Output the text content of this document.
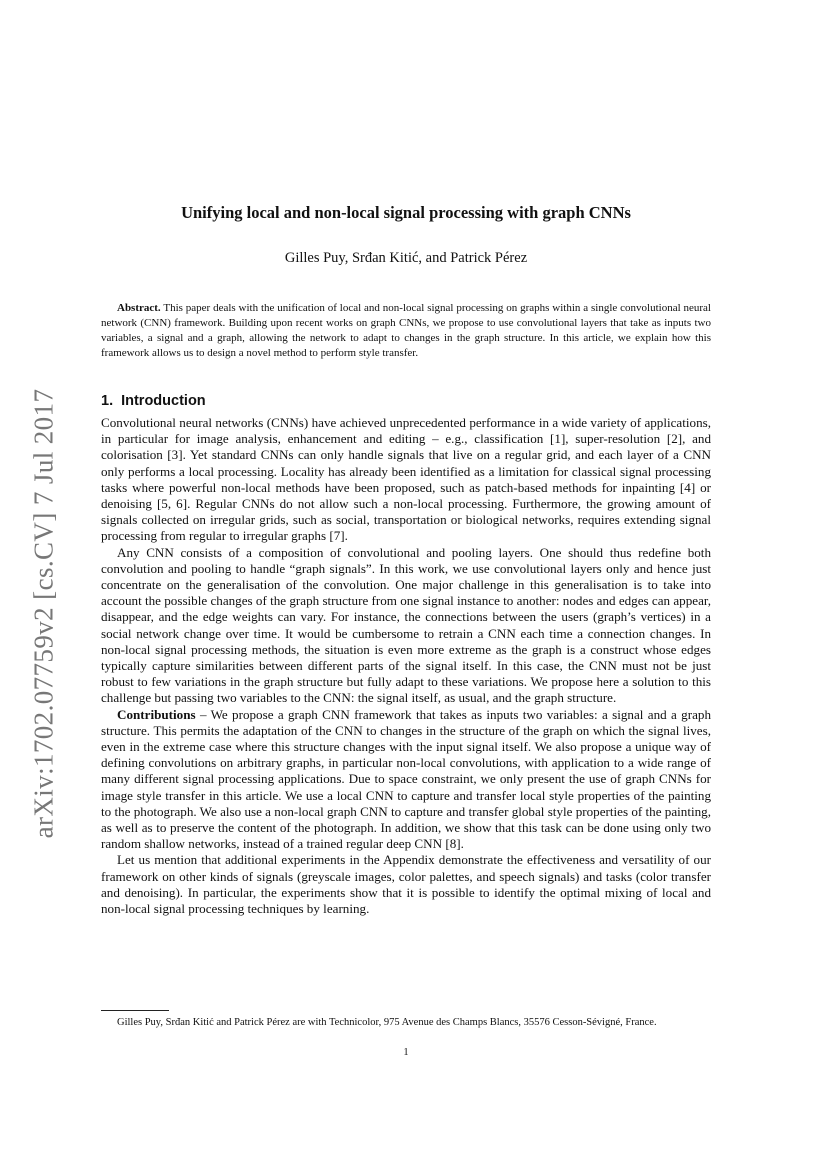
arXiv:1702.07759v2 [cs.CV] 7 Jul 2017
Unifying local and non-local signal processing with graph CNNs
Gilles Puy, Srđan Kitić, and Patrick Pérez
Abstract. This paper deals with the unification of local and non-local signal processing on graphs within a single convolutional neural network (CNN) framework. Building upon recent works on graph CNNs, we propose to use convolutional layers that take as inputs two variables, a signal and a graph, allowing the network to adapt to changes in the graph structure. In this article, we explain how this framework allows us to design a novel method to perform style transfer.
1. Introduction

Convolutional neural networks (CNNs) have achieved unprecedented performance in a wide variety of applications, in particular for image analysis, enhancement and editing – e.g., classification [1], super-resolution [2], and colorisation [3]. Yet standard CNNs can only handle signals that live on a regular grid, and each layer of a CNN only performs a local processing. Locality has already been identified as a limitation for classical signal processing tasks where powerful non-local methods have been proposed, such as patch-based methods for inpainting [4] or denoising [5, 6]. Regular CNNs do not allow such a non-local processing. Furthermore, the growing amount of signals collected on irregular grids, such as social, transportation or biological networks, requires extending signal processing from regular to irregular graphs [7].

Any CNN consists of a composition of convolutional and pooling layers. One should thus redefine both convolution and pooling to handle “graph signals”. In this work, we use convolutional layers only and hence just concentrate on the generalisation of the convolution. One major challenge in this generalisation is to take into account the possible changes of the graph structure from one signal instance to another: nodes and edges can appear, disappear, and the edge weights can vary. For instance, the connections between the users (graph’s vertices) in a social network change over time. It would be cumbersome to retrain a CNN each time a connection changes. In non-local signal processing methods, the situation is even more extreme as the graph is a construct whose edges typically capture similarities between different parts of the signal itself. In this case, the CNN must not be just robust to few variations in the graph structure but fully adapt to these variations. We propose here a solution to this challenge but passing two variables to the CNN: the signal itself, as usual, and the graph structure.

Contributions – We propose a graph CNN framework that takes as inputs two variables: a signal and a graph structure. This permits the adaptation of the CNN to changes in the structure of the graph on which the signal lives, even in the extreme case where this structure changes with the input signal itself. We also propose a unique way of defining convolutions on arbitrary graphs, in particular non-local convolutions, with application to a wide range of many different signal processing applications. Due to space constraint, we only present the use of graph CNNs for image style transfer in this article. We use a local CNN to capture and transfer local style properties of the painting to the photograph. We also use a non-local graph CNN to capture and transfer global style properties of the painting, as well as to preserve the content of the photograph. In addition, we show that this task can be done using only two random shallow networks, instead of a trained regular deep CNN [8].

Let us mention that additional experiments in the Appendix demonstrate the effectiveness and versatility of our framework on other kinds of signals (greyscale images, color palettes, and speech signals) and tasks (color transfer and denoising). In particular, the experiments show that it is possible to identify the optimal mixing of local and non-local signal processing techniques by learning.

Gilles Puy, Srđan Kitić and Patrick Pérez are with Technicolor, 975 Avenue des Champs Blancs, 35576 Cesson-Sévigné, France.
1
